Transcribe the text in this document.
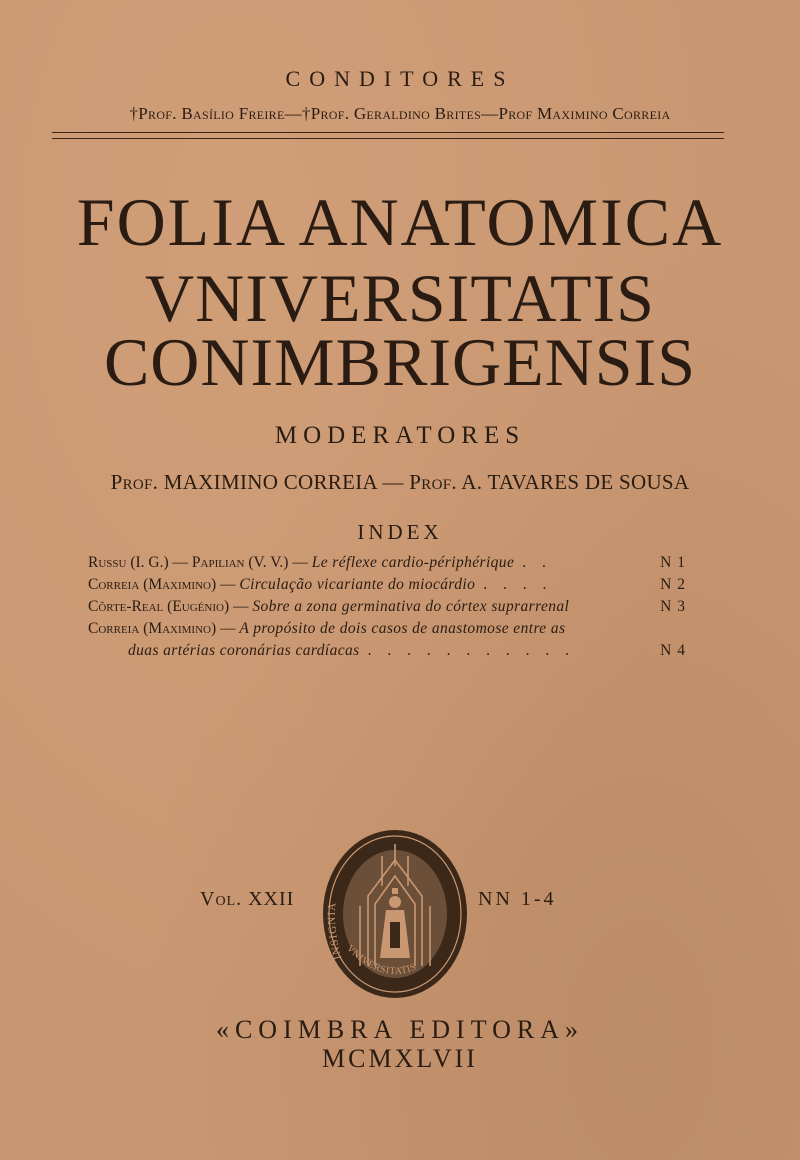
CONDITORES
†Prof. Basílio Freire—†Prof. Geraldino Brites—Prof Maximino Correia
FOLIA ANATOMICA
VNIVERSITATIS
CONIMBRIGENSIS
MODERATORES
Prof. MAXIMINO CORREIA — Prof. A. TAVARES DE SOUSA
INDEX
Russu (I. G.) — Papilian (V. V.) — Le réflexe cardio-périphérique . .	N 1
Correia (Maximino) — Circulação vicariante do miocárdio . . . .	N 2
Côrte-Real (Eugénio) — Sobre a zona germinativa do córtex suprarrenal	N 3
Correia (Maximino) — A propósito de dois casos de anastomose entre as
duas artérias coronárias cardíacas . . . . . . . . . . .	N 4
Vol. XXII
INSIGNIA
VNIVERSITATIS
NN 1-4
«COIMBRA EDITORA»
MCMXLVII
